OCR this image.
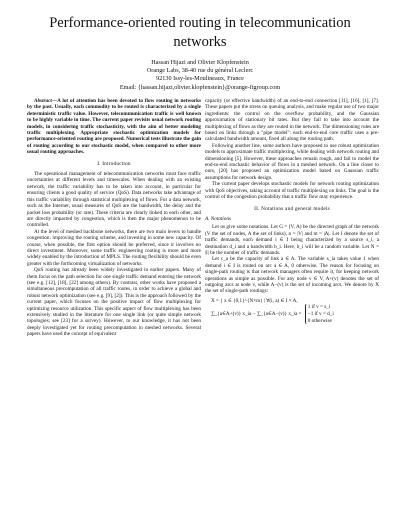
Performance-oriented routing in telecommunication
networks
Hassan Hijazi and Olivier Klopfenstein
Orange Labs, 38-40 rue du général Leclerc
92130 Issy-les-Moulineaux, France
Email: {hassan.hijazi,olivier.klopfenstein}@orange-ftgroup.com

Abstract—A lot of attention has been devoted to flow routing in networks by the past. Usually, each commodity to be routed is characterized by a single deterministic traffic value. However, telecommunication traffic is well known to be highly variable in time. The current paper revisits usual network routing models, in considering traffic stochasticity, with the aim of better modeling traffic multiplexing. Appropriate stochastic optimization models for performance-oriented routing are proposed. Numerical tests illustrate the gain of routing according to our stochastic model, when compared to other more usual routing approaches.

I. Introduction

The operational management of telecommunication networks must face traffic uncertainties at different levels and timescales. When dealing with an existing network, the traffic variability has to be taken into account, in particular for ensuring clients a good quality of service (QoS). Data networks take advantage of this traffic variability through statistical multiplexing of flows. For a data network, such as the Internet, usual measures of QoS are the bandwidth, the delay and the packet loss probability (or rate). These criteria are clearly linked to each other, and are directly impacted by congestion, which is then the major phenomenon to be controlled.

At the level of meshed backbone networks, there are two main levers to handle congestion: improving the routing scheme, and investing in some new capacity. Of course, when possible, the first option should be preferred, since it involves no direct investment. Moreover, some traffic engineering routing is more and more widely enabled by the introduction of MPLS. The routing flexibility should be even greater with the forthcoming virtualization of networks.

QoS routing has already been widely investigated in earlier papers. Many of them focus on the path selection for one single traffic demand entering the network (see e.g. [12], [18], [22] among others). By contrast, other works have proposed a simultaneous precomputation of all traffic routes, in order to achieve a global and robust network optimization (see e.g. [9], [2]). This is the approach followed by the current paper, which focuses on the positive impact of flow multiplexing for optimizing resource utilization. This specific aspect of flow multiplexing has been extensively studied in the literature for one single link (or quite simple network topologies; see [23] for a survey). However, to our knowledge, it has not been deeply investigated yet for routing precomputation in meshed networks. Several papers have used the concept of equivalent

capacity (or effective bandwidth) of an end-to-end connection [11], [16], [1], [7]. These papers put the stress on queuing analysis, and make regular use of two major ingredients: the control on the overflow probability, and the Gaussian approximation of stationary bit rates. But they fail to take into account the multiplexing of flows as they are routed in the network. The dimensioning rules are based on links through a "pipe model": each end-to-end core traffic uses a pre-calculated bandwidth amount, fixed all along the routing path.

Following another line, some authors have proposed to use robust optimization models to approximate traffic multiplexing, while dealing with network routing and dimensioning [5]. However, these approaches remain rough, and fail to model the end-to-end stochastic behavior of flows in a meshed network. On a line closer to ours, [20] has proposed an optimization model based on Gaussian traffic assumptions for network design.

The current paper develops stochastic models for network routing optimization with QoS objectives, taking account of traffic multiplexing on links. The goal is the control of the congestion probability that a traffic flow may experience.

II. Notations and general models
A. Notations

Let us give some notations. Let G = (V, A) be the directed graph of the network (V the set of nodes, A the set of links), n = |V| and m = |A|. Let I denote the set of traffic demands, each demand i ∈ I being characterized by a source s_i, a destination d_i and a bandwidth b_i. Here, b_i will be a random variable. Let N = |I| be the number of traffic demands.

Let c_a be the capacity of link a ∈ A. The variable x_ia takes value 1 when demand i ∈ I is routed on arc a ∈ A, 0 otherwise. The reason for focusing on single-path routing is that network managers often require it, for keeping network operations as simple as possible. For any node v ∈ V, A+(v) denotes the set of outgoing arcs at node v, while A−(v) is the set of incoming arcs. We denote by X the set of single-path routings:

X = { x ∈ {0,1}^{N×m} | ∀(i, a) ∈ I × A,
∑_{a∈A+(v)} x_ia − ∑_{a∈A−(v)} x_ia =
1 if v = s_i
−1 if v = d_i
0 otherwise
